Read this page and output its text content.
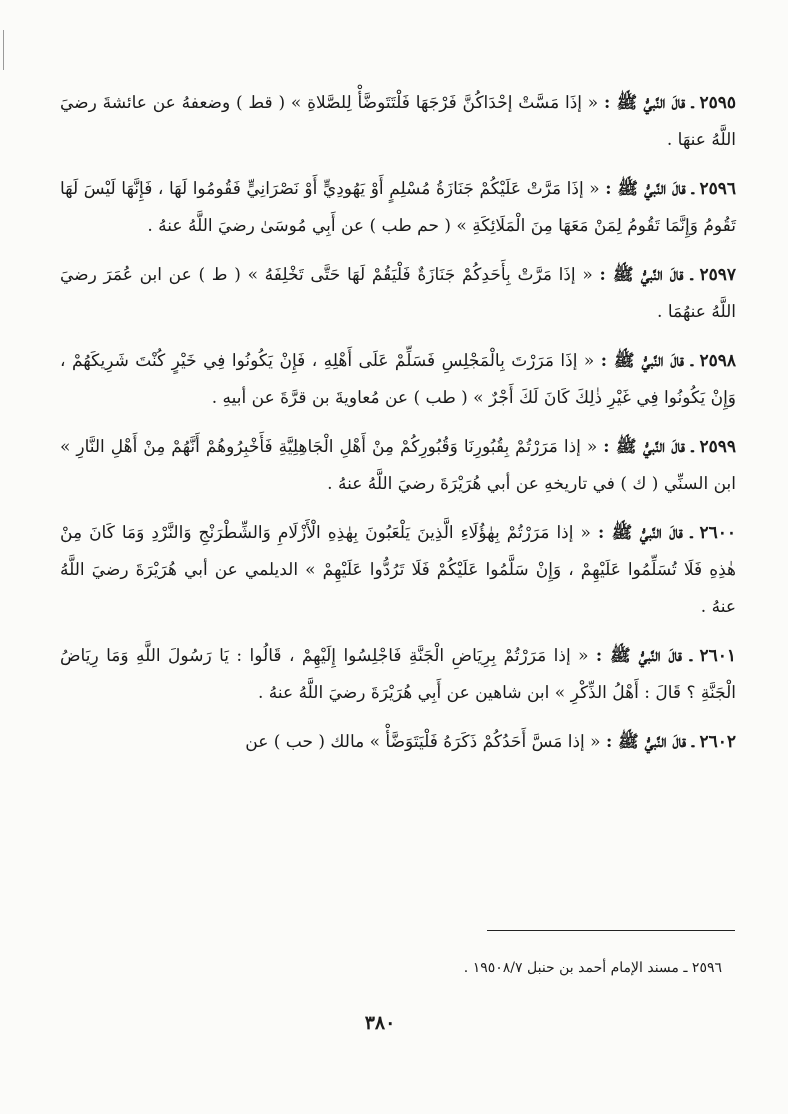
٢٥٩٥ ـ قالَ النَّبيُّ ﷺ : « إذَا مَسَّتْ إحْدَاكُنَّ فَرْجَهَا فَلْتَتَوضَّأْ لِلصَّلاةِ » ( قط ) وضعفهُ عن عائشةَ رضيَ اللَّهُ عنهَا .

٢٥٩٦ ـ قالَ النَّبيُّ ﷺ : « إذَا مَرَّتْ عَلَيْكُمْ جَنَازَةُ مُسْلِمٍ أَوْ يَهُودِيٍّ أَوْ نَصْرَانِيٍّ فَقُومُوا لَهَا ، فَإِنَّهَا لَيْسَ لَهَا تَقُومُ وَإِنَّمَا تَقُومُ لِمَنْ مَعَهَا مِنَ الْمَلَائِكَةِ » ( حم طب ) عن أَبِي مُوسَىٰ رضيَ اللَّهُ عنهُ .

٢٥٩٧ ـ قالَ النَّبيُّ ﷺ : « إذَا مَرَّتْ بِأَحَدِكُمْ جَنَازَةٌ فَلْيَقُمْ لَهَا حَتَّى تَخْلِفَهُ » ( ط ) عن ابن عُمَرَ رضيَ اللَّهُ عنهُمَا .

٢٥٩٨ ـ قالَ النَّبيُّ ﷺ : « إذَا مَرَرْتَ بِالْمَجْلِسِ فَسَلِّمْ عَلَى أَهْلِهِ ، فَإِنْ يَكُونُوا فِي خَيْرٍ كُنْتَ شَرِيكَهُمْ ، وَإِنْ يَكُونُوا فِي غَيْرِ ذٰلِكَ كَانَ لَكَ أَجْرٌ » ( طب ) عن مُعاويةَ بن قرَّةَ عن أبيهِ .

٢٥٩٩ ـ قالَ النَّبيُّ ﷺ : « إذا مَرَرْتُمْ بِقُبُورِنَا وَقُبُورِكُمْ مِنْ أَهْلِ الْجَاهِلِيَّةِ فَأَخْبِرُوهُمْ أَنَّهُمْ مِنْ أَهْلِ النَّارِ » ابن السنِّي ( ك ) في تاريخهِ عن أبي هُرَيْرَةَ رضيَ اللَّهُ عنهُ .

٢٦٠٠ ـ قالَ النَّبيُّ ﷺ : « إذا مَرَرْتُمْ بِهٰؤُلَاءِ الَّذِينَ يَلْعَبُونَ بِهٰذِهِ الْأَزْلَامِ وَالشِّطْرَنْجِ وَالنَّرْدِ وَمَا كَانَ مِنْ هٰذِهِ فَلَا تُسَلِّمُوا عَلَيْهِمْ ، وَإِنْ سَلَّمُوا عَلَيْكُمْ فَلَا تَرُدُّوا عَلَيْهِمْ » الديلمي عن أبي هُرَيْرَةَ رضيَ اللَّهُ عنهُ .

٢٦٠١ ـ قالَ النَّبيُّ ﷺ : « إذا مَرَرْتُمْ بِرِيَاضِ الْجَنَّةِ فَاجْلِسُوا إِلَيْهِمْ ، قَالُوا : يَا رَسُولَ اللَّهِ وَمَا رِيَاضُ الْجَنَّةِ ؟ قَالَ : أَهْلُ الذِّكْرِ » ابن شاهين عن أَبِي هُرَيْرَةَ رضيَ اللَّهُ عنهُ .

٢٦٠٢ ـ قالَ النَّبيُّ ﷺ : « إذا مَسَّ أَحَدُكُمْ ذَكَرَهُ فَلْيَتَوَضَّأْ » مالك ( حب ) عن

٢٥٩٦ ـ مسند الإمام أحمد بن حنبل ١٩٥٠٨/٧ .
٣٨٠
